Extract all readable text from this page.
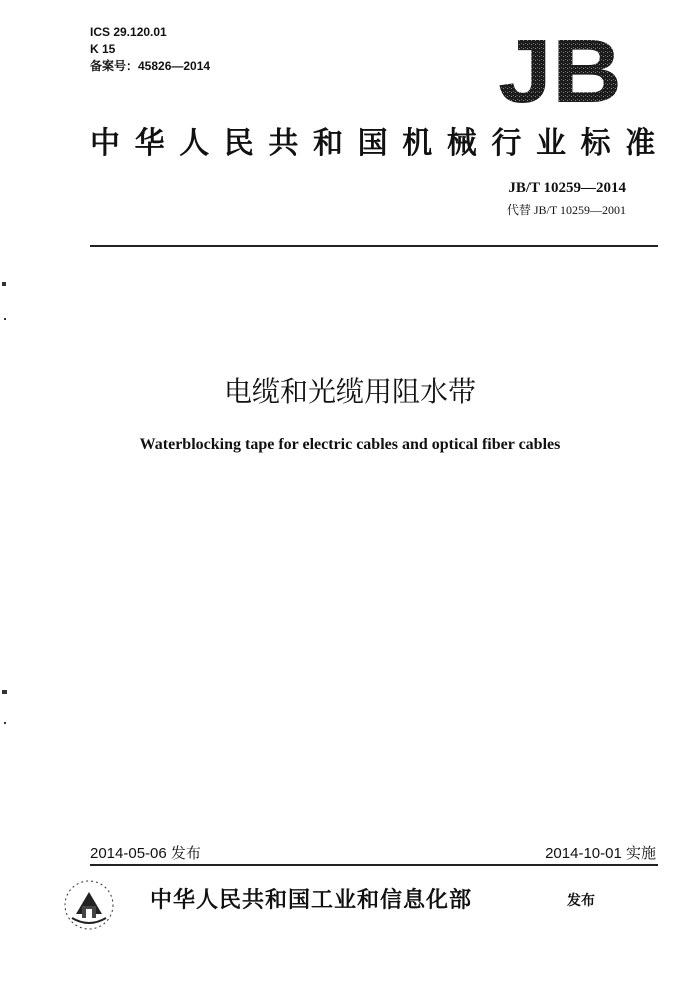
ICS 29.120.01
K 15
备案号：45826—2014	JB
中华人民共和国机械行业标准
JB/T 10259—2014
代替 JB/T 10259—2001
电缆和光缆用阻水带
Waterblocking tape for electric cables and optical fiber cables
2014-05-06 发布	2014-10-01 实施
中华人民共和国工业和信息化部	发布
